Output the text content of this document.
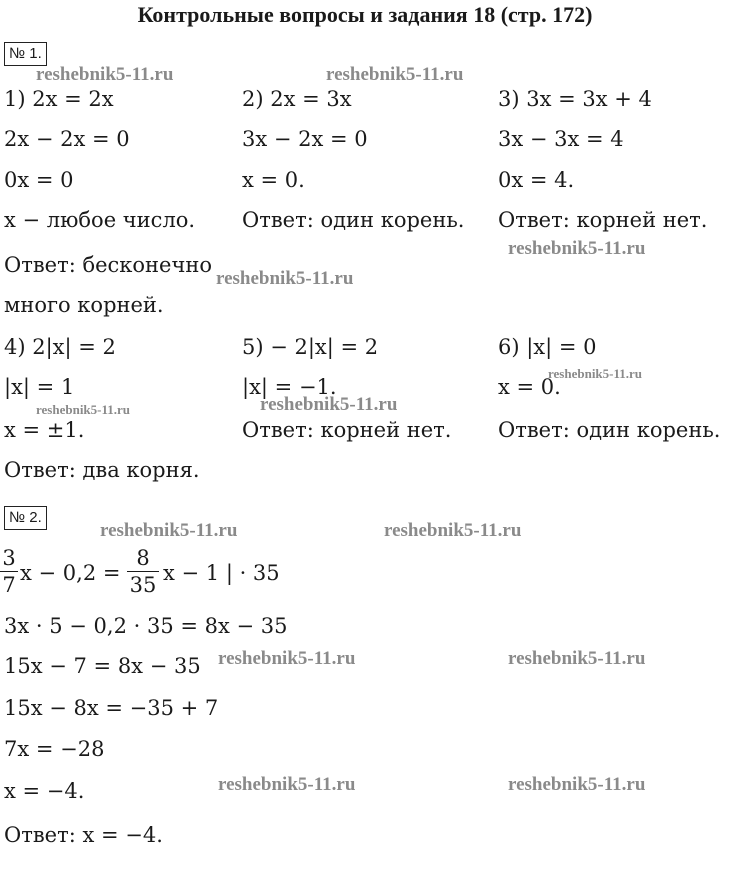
Контрольные вопросы и задания 18 (стр. 172)
№ 1.
reshebnik5-11.ru	reshebnik5-11.ru
1) 2x = 2x
2x − 2x = 0
0x = 0
x − любое число.
Ответ: бесконечно
много корней.
2) 2x = 3x
3x − 2x = 0
x = 0.
Ответ: один корень.
3) 3x = 3x + 4
3x − 3x = 4
0x = 4.
Ответ: корней нет.
reshebnik5-11.ru
reshebnik5-11.ru
4) 2|x| = 2
|x| = 1
x = ±1.
Ответ: два корня.
5) − 2|x| = 2
|x| = −1.
Ответ: корней нет.
6) |x| = 0
x = 0.
Ответ: один корень.
reshebnik5-11.ru
reshebnik5-11.ru	reshebnik5-11.ru
№ 2.
reshebnik5-11.ru	reshebnik5-11.ru
3
7 x − 0,2 =
8
35 x − 1 | · 35
3x · 5 − 0,2 · 35 = 8x − 35
15x − 7 = 8x − 35
15x − 8x = −35 + 7
7x = −28
x = −4.
Ответ: x = −4.
reshebnik5-11.ru	reshebnik5-11.ru
reshebnik5-11.ru	reshebnik5-11.ru
